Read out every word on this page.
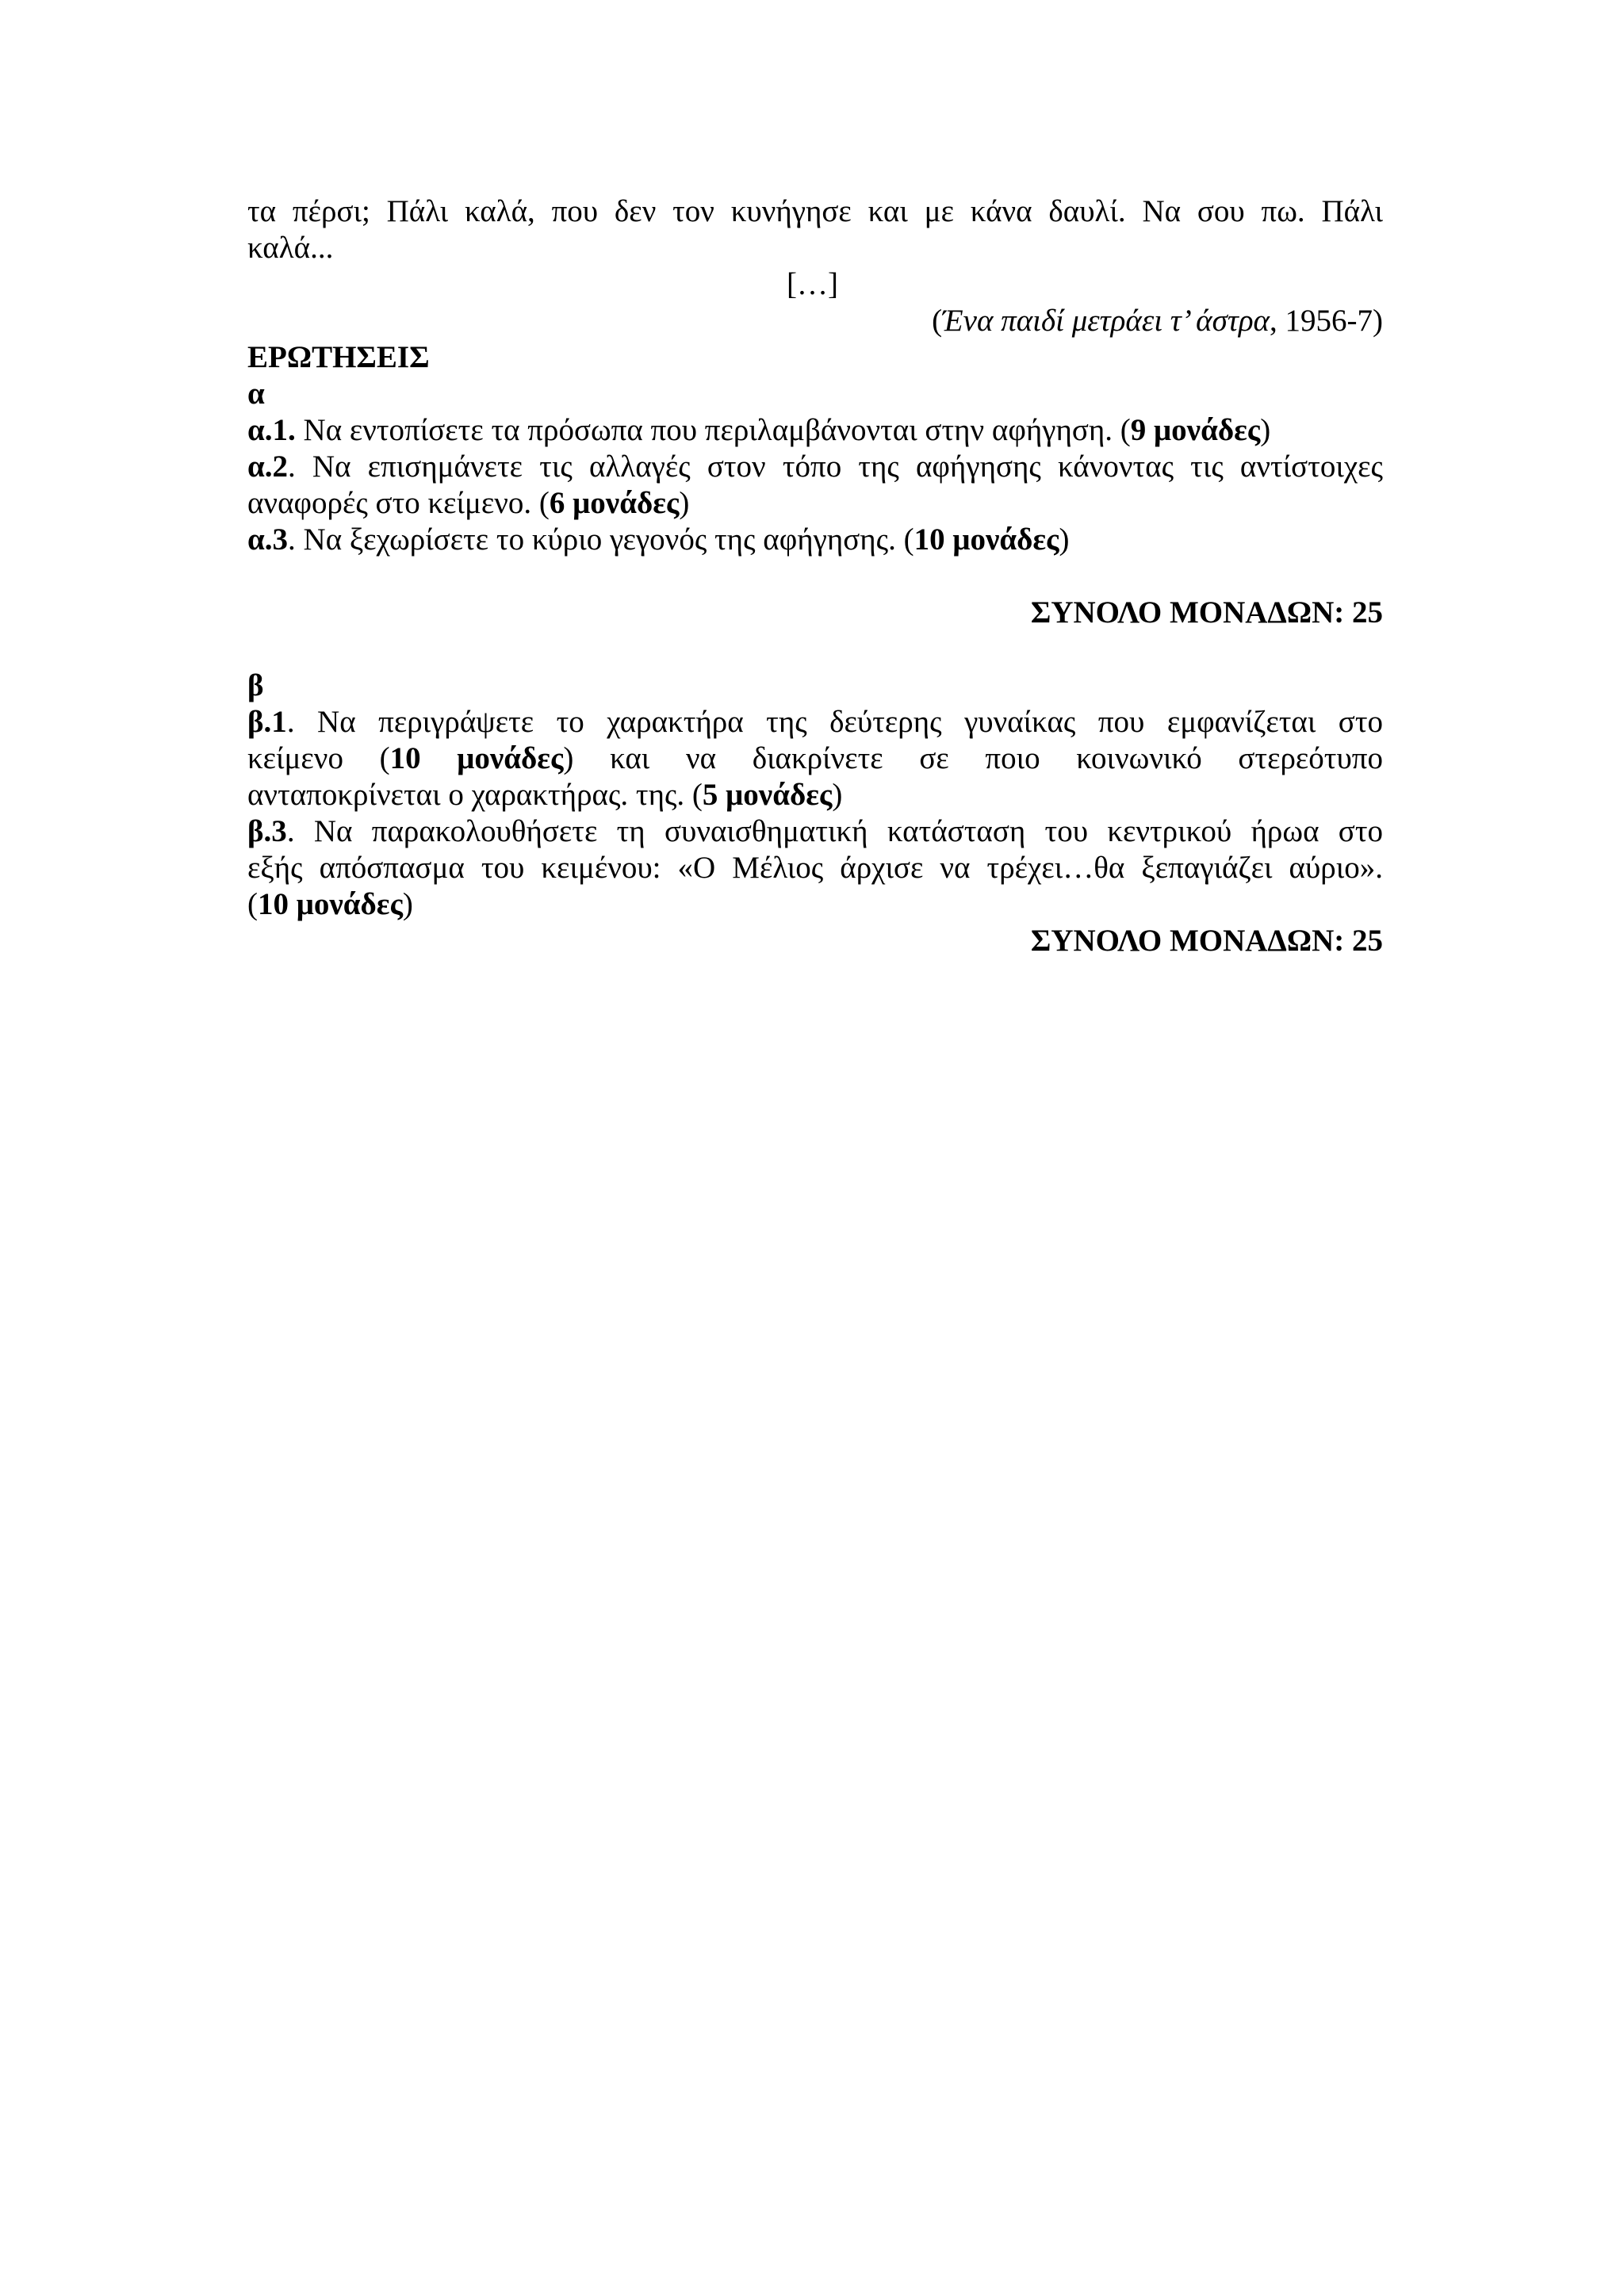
τα πέρσι; Πάλι καλά, που δεν τον κυνήγησε και με κάνα δαυλί. Να σου πω. Πάλι
καλά...

[…]

(Ένα παιδί μετράει τ’ άστρα, 1956-7)

ΕΡΩΤΗΣΕΙΣ

α

α.1. Να εντοπίσετε τα πρόσωπα που περιλαμβάνονται στην αφήγηση. (9 μονάδες)

α.2. Να επισημάνετε τις αλλαγές στον τόπο της αφήγησης κάνοντας τις αντίστοιχες
αναφορές στο κείμενο. (6 μονάδες)

α.3. Να ξεχωρίσετε το κύριο γεγονός της αφήγησης. (10 μονάδες)

ΣΥΝΟΛΟ ΜΟΝΑΔΩΝ: 25

β

β.1. Να περιγράψετε το χαρακτήρα της δεύτερης γυναίκας που εμφανίζεται στο
κείμενο (10 μονάδες) και να διακρίνετε σε ποιο κοινωνικό στερεότυπο
ανταποκρίνεται ο χαρακτήρας. της. (5 μονάδες)

β.3. Να παρακολουθήσετε τη συναισθηματική κατάσταση του κεντρικού ήρωα στο
εξής απόσπασμα του κειμένου: «Ο Μέλιος άρχισε να τρέχει…θα ξεπαγιάζει αύριο».
(10 μονάδες)

ΣΥΝΟΛΟ ΜΟΝΑΔΩΝ: 25
